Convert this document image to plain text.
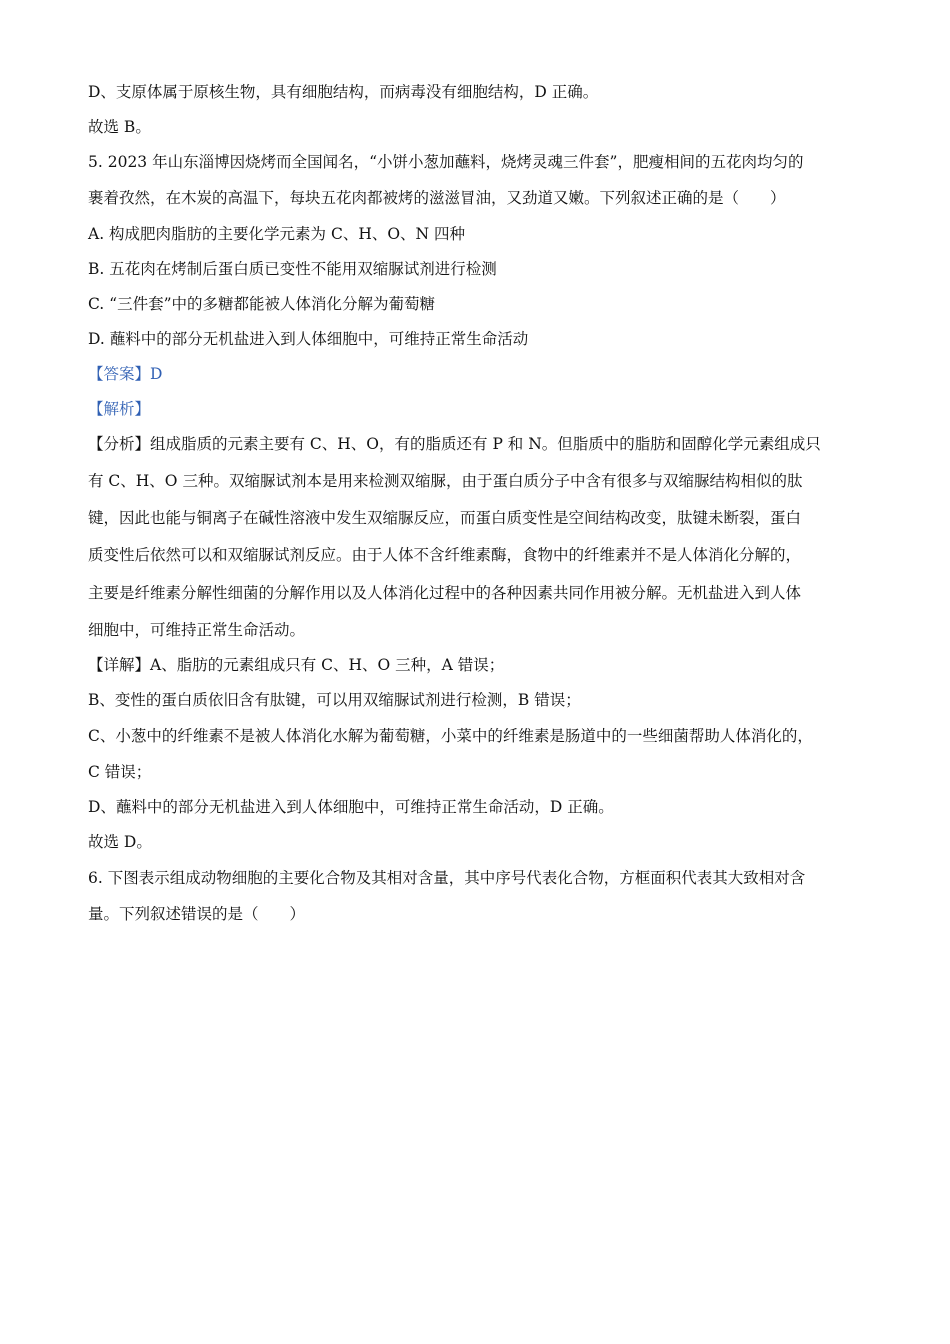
D、支原体属于原核生物，具有细胞结构，而病毒没有细胞结构，D 正确。
故选 B。
5. 2023 年山东淄博因烧烤而全国闻名，“小饼小葱加蘸料，烧烤灵魂三件套”，肥瘦相间的五花肉均匀的
裹着孜然，在木炭的高温下，每块五花肉都被烤的滋滋冒油，又劲道又嫩。下列叙述正确的是（　　）
A. 构成肥肉脂肪的主要化学元素为 C、H、O、N 四种
B. 五花肉在烤制后蛋白质已变性不能用双缩脲试剂进行检测
C. “三件套”中的多糖都能被人体消化分解为葡萄糖
D. 蘸料中的部分无机盐进入到人体细胞中，可维持正常生命活动
【答案】D
【解析】
【分析】组成脂质的元素主要有 C、H、O，有的脂质还有 P 和 N。但脂质中的脂肪和固醇化学元素组成只
有 C、H、O 三种。双缩脲试剂本是用来检测双缩脲，由于蛋白质分子中含有很多与双缩脲结构相似的肽
键，因此也能与铜离子在碱性溶液中发生双缩脲反应，而蛋白质变性是空间结构改变，肽键未断裂，蛋白
质变性后依然可以和双缩脲试剂反应。由于人体不含纤维素酶，食物中的纤维素并不是人体消化分解的，
主要是纤维素分解性细菌的分解作用以及人体消化过程中的各种因素共同作用被分解。无机盐进入到人体
细胞中，可维持正常生命活动。
【详解】A、脂肪的元素组成只有 C、H、O 三种，A 错误；
B、变性的蛋白质依旧含有肽键，可以用双缩脲试剂进行检测，B 错误；
C、小葱中的纤维素不是被人体消化水解为葡萄糖，小菜中的纤维素是肠道中的一些细菌帮助人体消化的，
C 错误；
D、蘸料中的部分无机盐进入到人体细胞中，可维持正常生命活动，D 正确。
故选 D。
6. 下图表示组成动物细胞的主要化合物及其相对含量，其中序号代表化合物，方框面积代表其大致相对含
量。下列叙述错误的是（　　）
